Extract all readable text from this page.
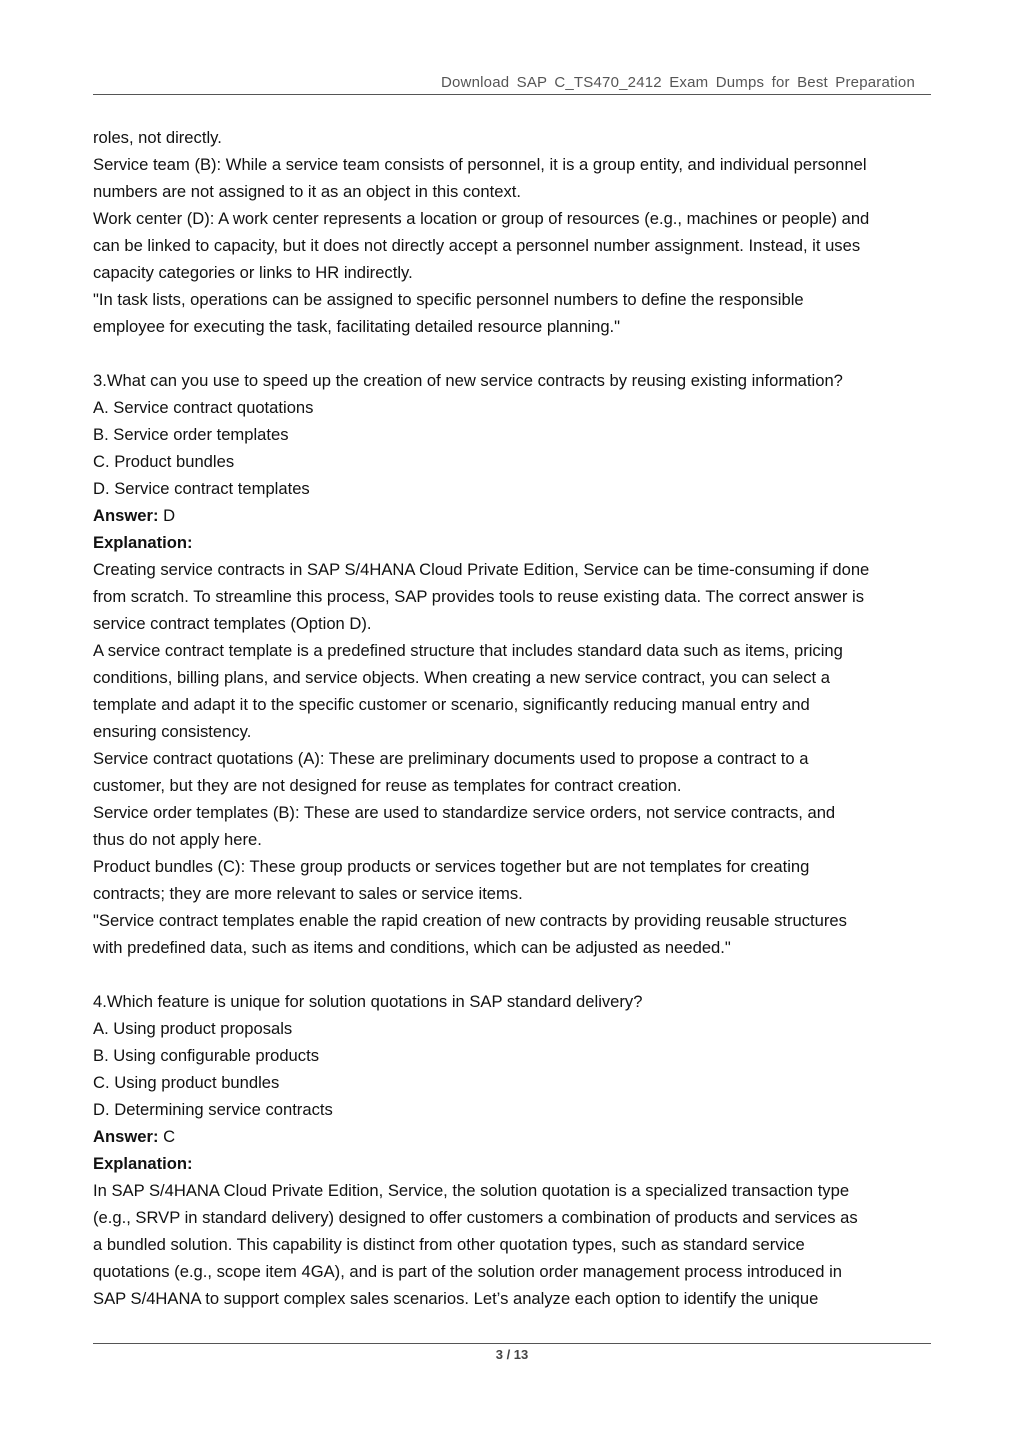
Download SAP C_TS470_2412 Exam Dumps for Best Preparation
roles, not directly.
Service team (B): While a service team consists of personnel, it is a group entity, and individual personnel
numbers are not assigned to it as an object in this context.
Work center (D): A work center represents a location or group of resources (e.g., machines or people) and
can be linked to capacity, but it does not directly accept a personnel number assignment. Instead, it uses
capacity categories or links to HR indirectly.
"In task lists, operations can be assigned to specific personnel numbers to define the responsible
employee for executing the task, facilitating detailed resource planning."
3.What can you use to speed up the creation of new service contracts by reusing existing information?
A. Service contract quotations
B. Service order templates
C. Product bundles
D. Service contract templates
Answer: D
Explanation:
Creating service contracts in SAP S/4HANA Cloud Private Edition, Service can be time-consuming if done
from scratch. To streamline this process, SAP provides tools to reuse existing data. The correct answer is
service contract templates (Option D).
A service contract template is a predefined structure that includes standard data such as items, pricing
conditions, billing plans, and service objects. When creating a new service contract, you can select a
template and adapt it to the specific customer or scenario, significantly reducing manual entry and
ensuring consistency.
Service contract quotations (A): These are preliminary documents used to propose a contract to a
customer, but they are not designed for reuse as templates for contract creation.
Service order templates (B): These are used to standardize service orders, not service contracts, and
thus do not apply here.
Product bundles (C): These group products or services together but are not templates for creating
contracts; they are more relevant to sales or service items.
"Service contract templates enable the rapid creation of new contracts by providing reusable structures
with predefined data, such as items and conditions, which can be adjusted as needed."
4.Which feature is unique for solution quotations in SAP standard delivery?
A. Using product proposals
B. Using configurable products
C. Using product bundles
D. Determining service contracts
Answer: C
Explanation:
In SAP S/4HANA Cloud Private Edition, Service, the solution quotation is a specialized transaction type
(e.g., SRVP in standard delivery) designed to offer customers a combination of products and services as
a bundled solution. This capability is distinct from other quotation types, such as standard service
quotations (e.g., scope item 4GA), and is part of the solution order management process introduced in
SAP S/4HANA to support complex sales scenarios. Let’s analyze each option to identify the unique
3 / 13
